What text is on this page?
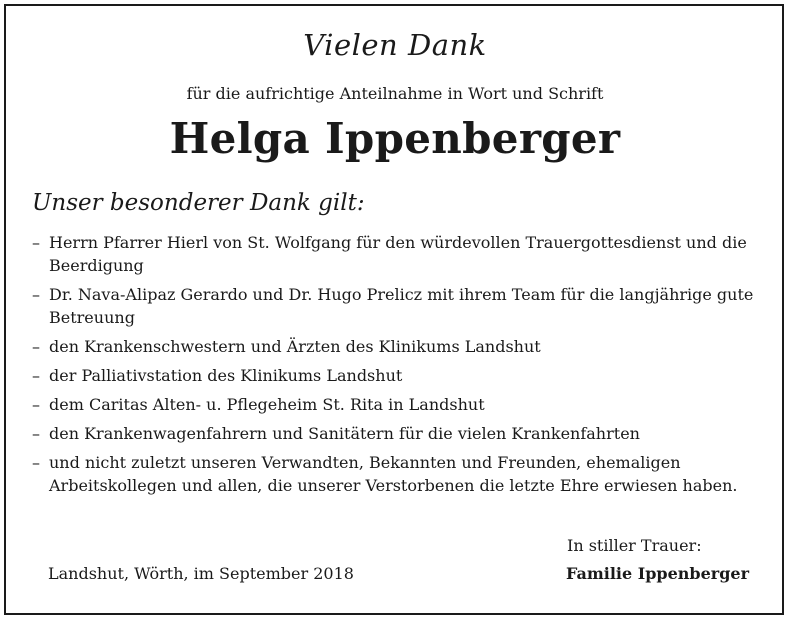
Vielen Dank
für die aufrichtige Anteilnahme in Wort und Schrift
Helga Ippenberger
Unser besonderer Dank gilt:
– Herrn Pfarrer Hierl von St. Wolfgang für den würdevollen Trauergottesdienst und die Beerdigung
– Dr. Nava-Alipaz Gerardo und Dr. Hugo Prelicz mit ihrem Team für die langjährige gute Betreuung
– den Krankenschwestern und Ärzten des Klinikums Landshut
– der Palliativstation des Klinikums Landshut
– dem Caritas Alten- u. Pflegeheim St. Rita in Landshut
– den Krankenwagenfahrern und Sanitätern für die vielen Krankenfahrten
– und nicht zuletzt unseren Verwandten, Bekannten und Freunden, ehemaligen Arbeitskollegen und allen, die unserer Verstorbenen die letzte Ehre erwiesen haben.
Landshut, Wörth, im September 2018
In stiller Trauer:
Familie Ippenberger
